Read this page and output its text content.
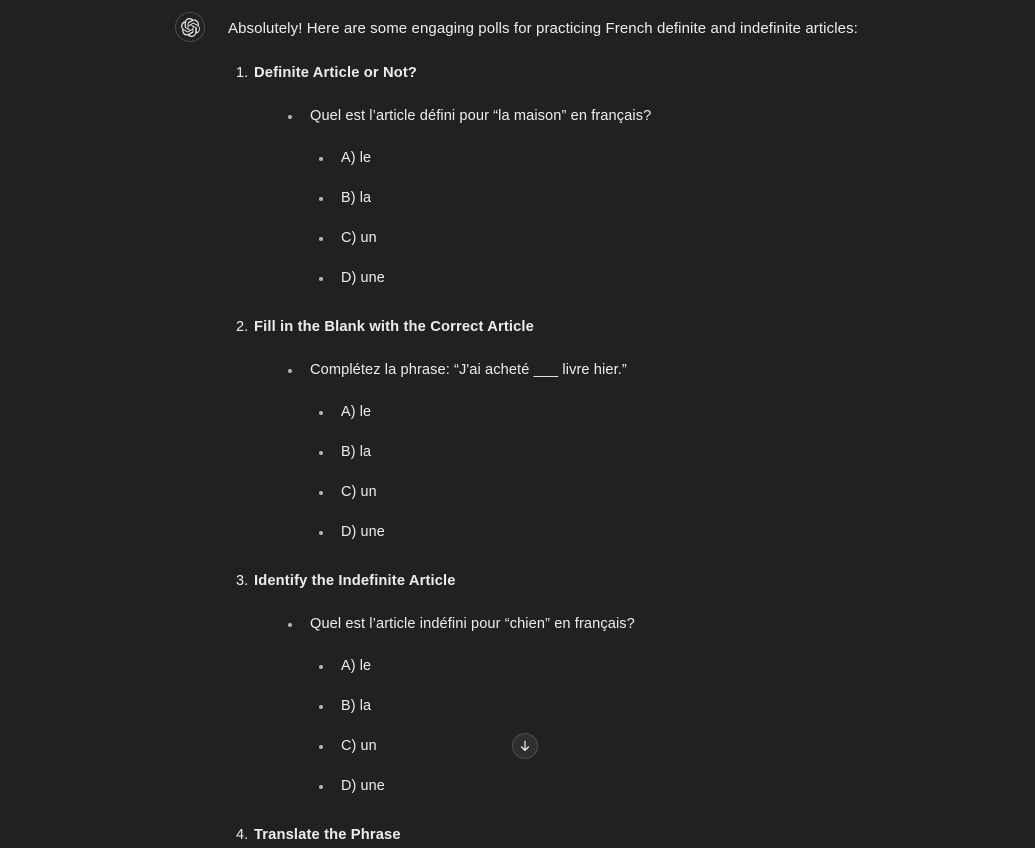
Absolutely! Here are some engaging polls for practicing French definite and indefinite articles:
1. Definite Article or Not?
Quel est l’article défini pour “la maison” en français?
A) le
B) la
C) un
D) une
2. Fill in the Blank with the Correct Article
Complétez la phrase: “J'ai acheté ___ livre hier.”
A) le
B) la
C) un
D) une
3. Identify the Indefinite Article
Quel est l’article indéfini pour “chien” en français?
A) le
B) la
C) un
D) une
4. Translate the Phrase
